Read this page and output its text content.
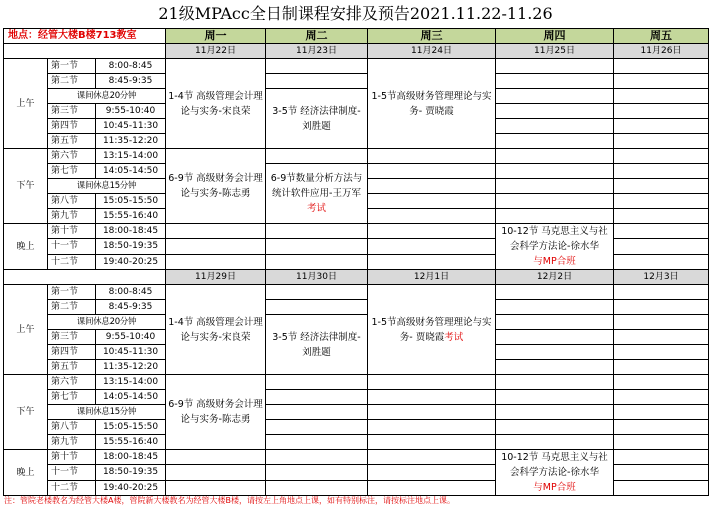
21级MPAcc全日制课程安排及预告2021.11.22-11.26
地点：经管大楼B楼713教室			周一	周二	周三	周四	周五
			11月22日	11月23日	11月24日	11月25日	11月26日
上午	第一节	8:00-8:45	1-4节 高级管理会计理论与实务-宋良荣		1-5节高级财务管理理论与实务- 贾晓霞		
	第二节	8:45-9:35					
	课间休息20分钟			3-5节 经济法律制度-刘胜题			
	第三节	9:55-10:40					
	第四节	10:45-11:30					
	第五节	11:35-12:20					
下午	第六节	13:15-14:00	6-9节 高级财务会计理论与实务-陈志勇				
	第七节	14:05-14:50		6-9节数量分析方法与统计软件应用-王万军考试			
	课间休息15分钟						
	第八节	15:05-15:50					
	第九节	15:55-16:40					
晚上	第十节	18:00-18:45				10-12节 马克思主义与社会科学方法论-徐水华
与MP合班	
	十一节	18:50-19:35					
	十二节	19:40-20:25					
			11月29日	11月30日	12月1日	12月2日	12月3日
上午	第一节	8:00-8:45	1-4节 高级管理会计理论与实务-宋良荣		1-5节高级财务管理理论与实务- 贾晓霞考试		
	第二节	8:45-9:35					
	课间休息20分钟			3-5节 经济法律制度-刘胜题			
	第三节	9:55-10:40					
	第四节	10:45-11:30					
	第五节	11:35-12:20					
下午	第六节	13:15-14:00	6-9节 高级财务会计理论与实务-陈志勇				
	第七节	14:05-14:50					
	课间休息15分钟						
	第八节	15:05-15:50					
	第九节	15:55-16:40					
晚上	第十节	18:00-18:45				10-12节 马克思主义与社会科学方法论-徐水华
与MP合班	
	十一节	18:50-19:35					
	十二节	19:40-20:25					
注：管院老楼教名为经管大楼A楼，管院新大楼教名为经管大楼B楼，请按左上角地点上课，如有特别标注，请按标注地点上课。
